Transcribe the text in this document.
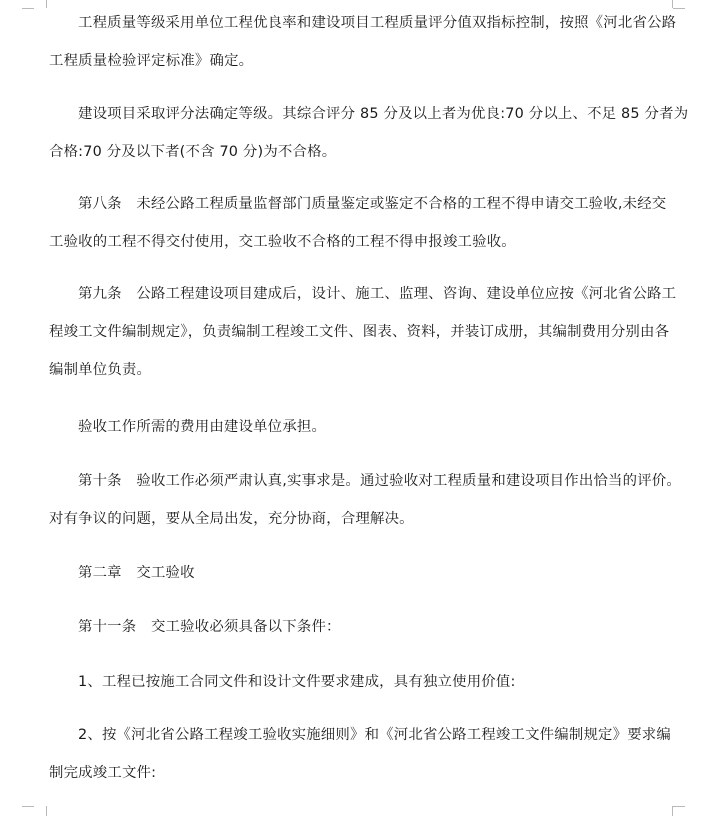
工程质量等级采用单位工程优良率和建设项目工程质量评分值双指标控制，按照《河北省公路
工程质量检验评定标准》确定。

建设项目采取评分法确定等级。其综合评分 85 分及以上者为优良:70 分以上、不足 85 分者为
合格:70 分及以下者(不含 70 分)为不合格。

第八条　未经公路工程质量监督部门质量鉴定或鉴定不合格的工程不得申请交工验收,未经交
工验收的工程不得交付使用，交工验收不合格的工程不得申报竣工验收。

第九条　公路工程建设项目建成后，设计、施工、监理、咨询、建设单位应按《河北省公路工
程竣工文件编制规定》，负责编制工程竣工文件、图表、资料，并装订成册，其编制费用分别由各
编制单位负责。

验收工作所需的费用由建设单位承担。

第十条　验收工作必须严肃认真,实事求是。通过验收对工程质量和建设项目作出恰当的评价。
对有争议的问题，要从全局出发，充分协商，合理解决。

第二章　交工验收

第十一条　交工验收必须具备以下条件：

1、工程已按施工合同文件和设计文件要求建成，具有独立使用价值:

2、按《河北省公路工程竣工验收实施细则》和《河北省公路工程竣工文件编制规定》要求编
制完成竣工文件:
